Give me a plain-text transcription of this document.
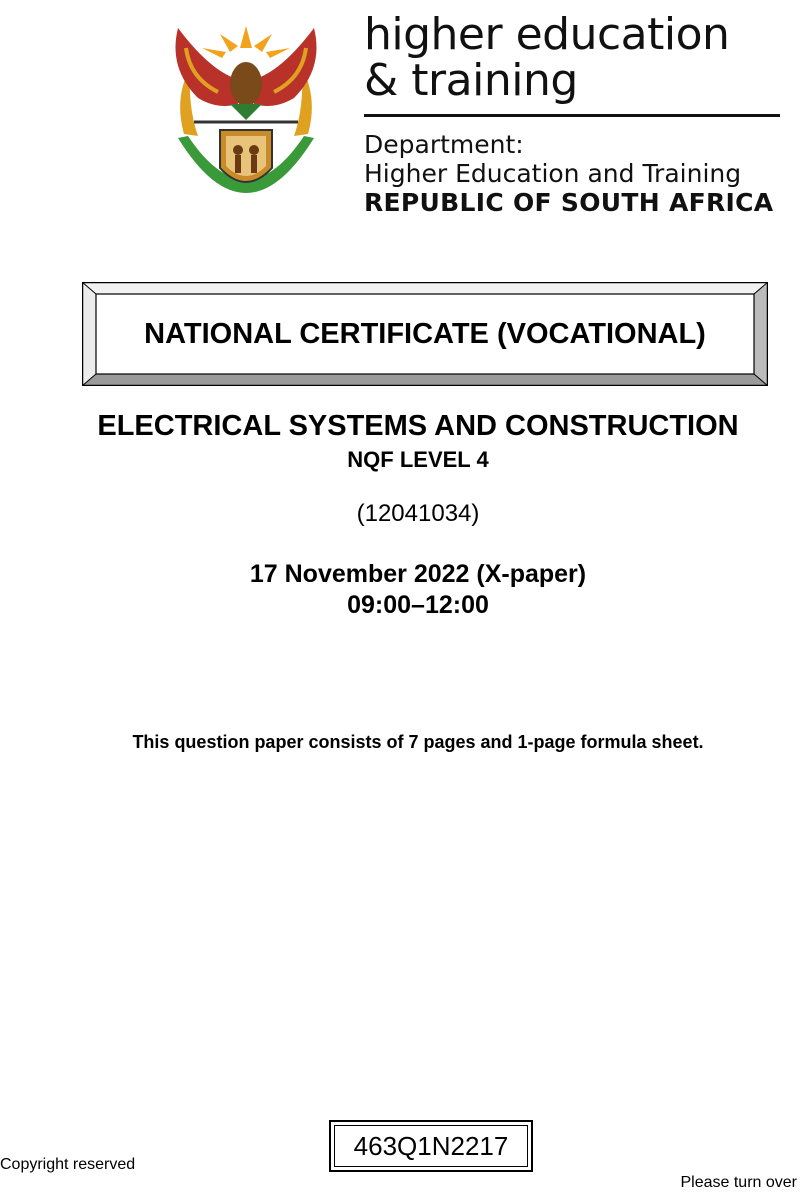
!KE E: /XARRA //KE
higher education
& training
Department:
Higher Education and Training
REPUBLIC OF SOUTH AFRICA
NATIONAL CERTIFICATE (VOCATIONAL)
ELECTRICAL SYSTEMS AND CONSTRUCTION
NQF LEVEL 4
(12041034)
17 November 2022 (X-paper)
09:00–12:00
This question paper consists of 7 pages and 1-page formula sheet.
463Q1N2217
Copyright reserved
Please turn over
